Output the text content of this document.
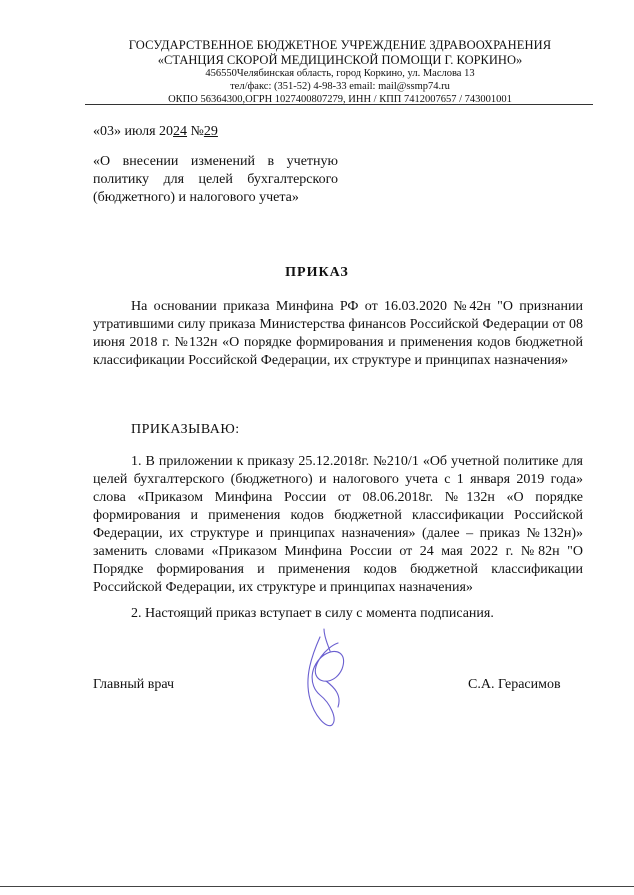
ГОСУДАРСТВЕННОЕ БЮДЖЕТНОЕ УЧРЕЖДЕНИЕ ЗДРАВООХРАНЕНИЯ
«СТАНЦИЯ СКОРОЙ МЕДИЦИНСКОЙ ПОМОЩИ Г. КОРКИНО»
456550Челябинская область, город Коркино, ул. Маслова 13
тел/факс: (351-52) 4-98-33 email: mail@ssmp74.ru
ОКПО 56364300,ОГРН 1027400807279, ИНН / КПП 7412007657 / 743001001
«03» июля 2024 №29
«О внесении изменений в учетную политику для целей бухгалтерского (бюджетного) и налогового учета»
ПРИКАЗ
На основании приказа Минфина РФ от 16.03.2020 №42н "О признании утратившими силу приказа Министерства финансов Российской Федерации от 08 июня 2018 г. №132н «О порядке формирования и применения кодов бюджетной классификации Российской Федерации, их структуре и принципах назначения»
ПРИКАЗЫВАЮ:
1. В приложении к приказу 25.12.2018г. №210/1 «Об учетной политике для целей бухгалтерского (бюджетного) и налогового учета с 1 января 2019 года» слова «Приказом Минфина России от 08.06.2018г. №132н «О порядке формирования и применения кодов бюджетной классификации Российской Федерации, их структуре и принципах назначения» (далее – приказ №132н)» заменить словами «Приказом Минфина России от 24 мая 2022 г. №82н "О Порядке формирования и применения кодов бюджетной классификации Российской Федерации, их структуре и принципах назначения»
2. Настоящий приказ вступает в силу с момента подписания.
Главный врач	С.А. Герасимов
